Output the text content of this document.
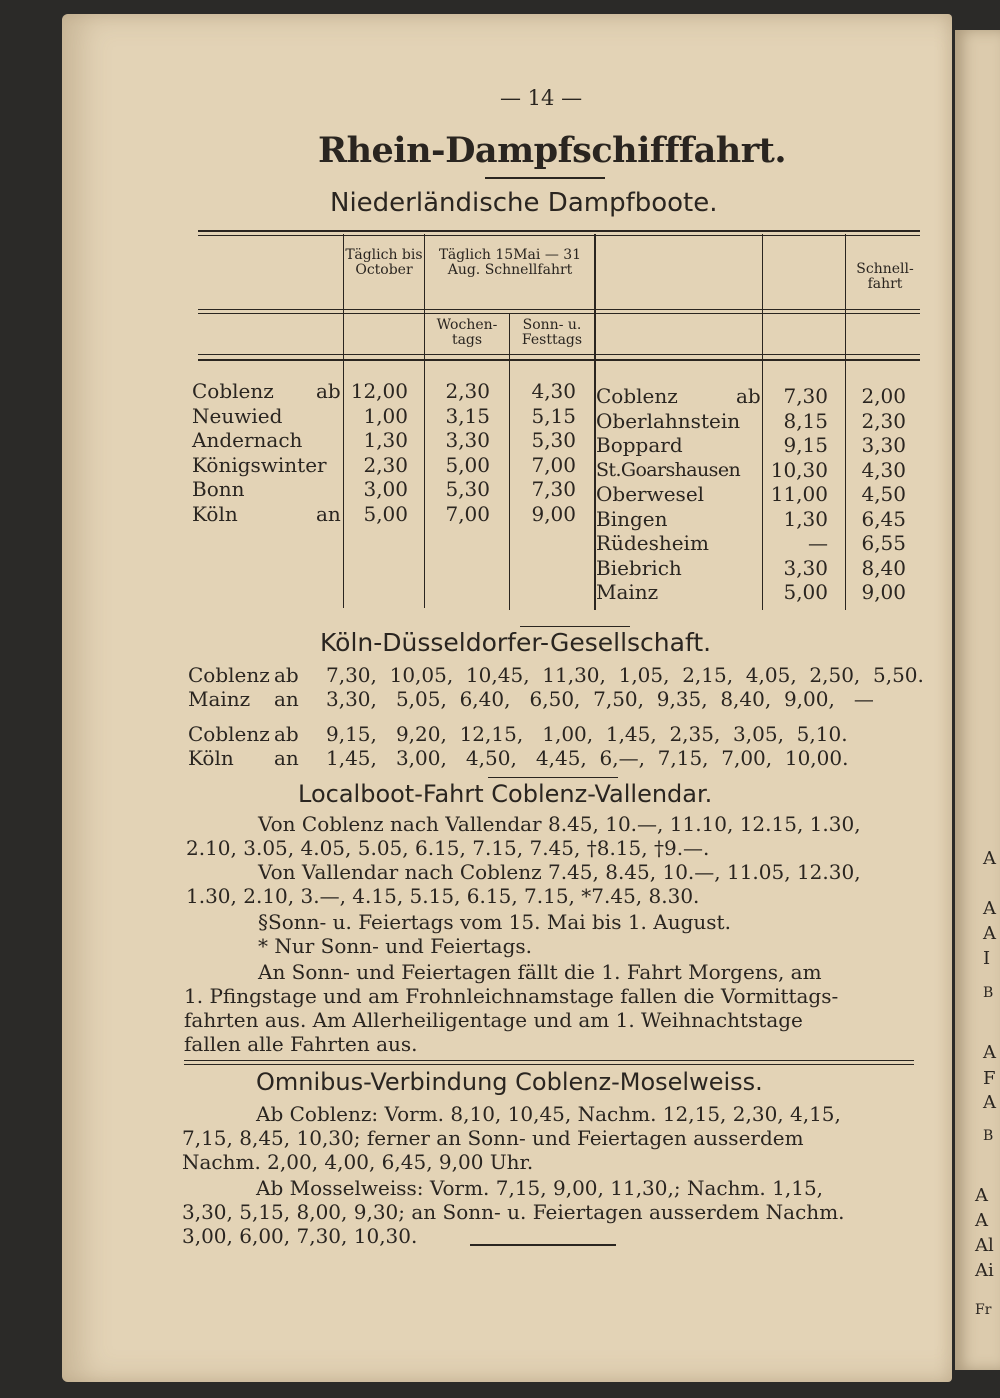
A
A
A
I
B
A
F
A
B
A
A
Al
Ai
Fr
— 14 —
Rhein-Dampfschifffahrt.
Niederländische Dampfboote.
Täglich bis October
Täglich 15Mai — 31 Aug. Schnellfahrt
Wochen-tags
Sonn- u. Festtags
Schnell-fahrt
Coblenz ab 12,00	2,30	4,30
Neuwied	1,00	3,15	5,15
Andernach	1,30	3,30	5,30
Königswinter	2,30	5,00	7,00
Bonn	3,00	5,30	7,30
Köln	an	5,00	7,00	9,00
Coblenz	ab	7,30	2,00
Oberlahnstein	8,15	2,30
Boppard	9,15	3,30
St.Goarshausen	10,30	4,30
Oberwesel	11,00	4,50
Bingen	1,30	6,45
Rüdesheim	—	6,55
Biebrich	3,30	8,40
Mainz	5,00	9,00
Köln-Düsseldorfer-Gesellschaft.
Coblenz ab 7,30,  10,05,  10,45,  11,30,  1,05,  2,15,  4,05,  2,50,  5,50.
Mainz an 3,30,   5,05,  6,40,   6,50,  7,50,  9,35,  8,40,  9,00,   —
Coblenz ab 9,15,   9,20,  12,15,   1,00,  1,45,  2,35,  3,05,  5,10.
Köln an 1,45,   3,00,   4,50,   4,45,  6,—,  7,15,  7,00,  10,00.
Localboot-Fahrt Coblenz-Vallendar.
Von Coblenz nach Vallendar 8.45, 10.—, 11.10, 12.15, 1.30,
2.10, 3.05, 4.05, 5.05, 6.15, 7.15, 7.45, †8.15, †9.—.
Von Vallendar nach Coblenz 7.45, 8.45, 10.—, 11.05, 12.30,
1.30, 2.10, 3.—, 4.15, 5.15, 6.15, 7.15, *7.45, 8.30.
§Sonn- u. Feiertags vom 15. Mai bis 1. August.
* Nur Sonn- und Feiertags.
An Sonn- und Feiertagen fällt die 1. Fahrt Morgens, am
1. Pfingstage und am Frohnleichnamstage fallen die Vormittags-
fahrten aus. Am Allerheiligentage und am 1. Weihnachtstage
fallen alle Fahrten aus.
Omnibus-Verbindung Coblenz-Moselweiss.
Ab Coblenz: Vorm. 8,10, 10,45, Nachm. 12,15, 2,30, 4,15,
7,15, 8,45, 10,30; ferner an Sonn- und Feiertagen ausserdem
Nachm. 2,00, 4,00, 6,45, 9,00 Uhr.
Ab Mosselweiss: Vorm. 7,15, 9,00, 11,30,; Nachm. 1,15,
3,30, 5,15, 8,00, 9,30; an Sonn- u. Feiertagen ausserdem Nachm.
3,00, 6,00, 7,30, 10,30.
